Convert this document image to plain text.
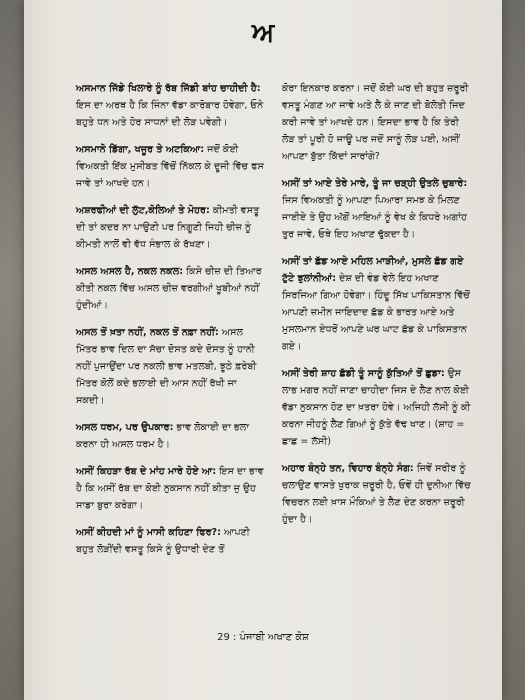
ਅ

ਅਸਮਾਨ ਜਿੱਡੇ ਖਿਲਾਰੇ ਨੂੰ ਰੱਬ ਜਿੱਡੀ ਬਾਂਹ ਚਾਹੀਦੀ ਹੈ: ਇਸ ਦਾ ਅਰਥ ਹੈ ਕਿ ਜਿੰਨਾ ਵੱਡਾ ਕਾਰੋਬਾਰ ਹੋਵੇਗਾ, ਓਨੇ ਬਹੁਤੇ ਧਨ ਅਤੇ ਹੋਰ ਸਾਧਨਾਂ ਦੀ ਲੋੜ ਪਵੇਗੀ।

ਅਸਮਾਨੋ ਡਿੱਗਾ, ਖਜੂਰ ਤੇ ਅਟਕਿਆ: ਜਦੋਂ ਕੋਈ ਵਿਅਕਤੀ ਇੱਕ ਮੁਸੀਬਤ ਵਿੱਚੋਂ ਨਿੱਕਲ ਕੇ ਦੂਜੀ ਵਿੱਚ ਫਸ ਜਾਵੇ ਤਾਂ ਆਖਦੇ ਹਨ।

ਅਸ਼ਰਫੀਆਂ ਦੀ ਲੁੱਟ,ਕੋਲਿਆਂ ਤੇ ਮੋਹਰ: ਕੀਮਤੀ ਵਸਤੂ ਦੀ ਤਾਂ ਕਦਰ ਨਾ ਪਾਉਣੀ ਪਰ ਨਿਗੂਣੀ ਜਿਹੀ ਚੀਜ਼ ਨੂੰ ਕੀਮਤੀ ਨਾਲੋਂ ਵੀ ਵੱਧ ਸੰਭਾਲ ਕੇ ਰੱਖਣਾ।

ਅਸਲ ਅਸਲ ਹੈ, ਨਕਲ ਨਕਲ: ਕਿਸੇ ਚੀਜ਼ ਦੀ ਤਿਆਰ ਕੀਤੀ ਨਕਲ ਵਿੱਚ ਅਸਲ ਚੀਜ਼ ਵਰਗੀਆਂ ਖੂਬੀਆਂ ਨਹੀਂ ਹੁੰਦੀਆਂ।

ਅਸਲ ਤੋਂ ਖ਼ਤਾ ਨਹੀਂ, ਨਕਲ ਤੋਂ ਨਫ਼ਾ ਨਹੀਂ: ਅਸਲ ਮਿੱਤਰ ਭਾਵ ਦਿਲ ਦਾ ਸੱਚਾ ਦੋਸਤ ਕਦੇ ਦੋਸਤ ਨੂੰ ਹਾਨੀ ਨਹੀਂ ਪੁਜਾਉਂਦਾ ਪਰ ਨਕਲੀ ਭਾਵ ਮਤਲਬੀ, ਝੂਠੇ ਫ਼ਰੇਬੀ ਮਿੱਤਰ ਕੋਲੋਂ ਕਦੇ ਭਲਾਈ ਦੀ ਆਸ ਨਹੀਂ ਰੱਖੀ ਜਾ ਸਕਦੀ।

ਅਸਲ ਧਰਮ, ਪਰ ਉਪਕਾਰ: ਭਾਵ ਲੋਕਾਈ ਦਾ ਭਲਾ ਕਰਨਾ ਹੀ ਅਸਲ ਧਰਮ ਹੈ।

ਅਸੀਂ ਕਿਹੜਾ ਰੱਬ ਦੇ ਮਾਂਹ ਮਾਰੇ ਹੋਏ ਆ: ਇਸ ਦਾ ਭਾਵ ਹੈ ਕਿ ਅਸੀਂ ਰੱਬ ਦਾ ਕੋਈ ਨੁਕਸਾਨ ਨਹੀਂ ਕੀਤਾ ਜੁ ਉਹ ਸਾਡਾ ਬੁਰਾ ਕਰੇਗਾ।

ਅਸੀਂ ਕੀਹਦੀ ਮਾਂ ਨੂੰ ਮਾਸੀ ਕਹਿਣਾ ਫਿਰ?: ਆਪਣੀ ਬਹੁਤ ਲੋੜੀਂਦੀ ਵਸਤੂ ਕਿਸੇ ਨੂੰ ਉਧਾਰੀ ਦੇਣ ਤੋਂ

ਕੋਰਾ ਇਨਕਾਰ ਕਰਨਾ। ਜਦੋਂ ਕੋਈ ਘਰ ਦੀ ਬਹੁਤ ਜ਼ਰੂਰੀ ਵਸਤੂ ਮੰਗਣ ਆ ਜਾਵੇ ਅਤੇ ਲੈ ਕੇ ਜਾਣ ਦੀ ਬੋਲੋਤੀ ਜਿਦ ਕਰੀ ਜਾਵੇ ਤਾਂ ਆਖਦੇ ਹਨ। ਇਸਦਾ ਭਾਵ ਹੈ ਕਿ ਤੇਰੀ ਲੋੜ ਤਾਂ ਪੂਰੀ ਹੋ ਜਾਊ ਪਰ ਜਦੋਂ ਸਾਨੂੰ ਲੋੜ ਪਈ, ਅਸੀਂ ਆਪਣਾ ਬੁੱਤਾ ਕਿੱਦਾਂ ਸਾਰਾਂਗੇ?

ਅਸੀਂ ਤਾਂ ਆਏ ਤੇਰੇ ਮਾਰੇ, ਤੂੰ ਜਾ ਚੜ੍ਹੀ ਉਤਲੇ ਚੁਬਾਰੇ: ਜਿਸ ਵਿਅਕਤੀ ਨੂੰ ਆਪਣਾ ਪਿਆਰਾ ਸਮਝ ਕੇ ਮਿਲਣ ਜਾਈਏ ਤੇ ਉਹ ਅੱਗੋਂ ਆਇਆਂ ਨੂੰ ਵੇਖ ਕੇ ਕਿਧਰੇ ਅਗਾਂਹ ਤੁਰ ਜਾਵੇ, ਓਥੇ ਇਹ ਅਖਾਣ ਢੁੱਕਦਾ ਹੈ।

ਅਸੀਂ ਤਾਂ ਛੱਡ ਆਏ ਮਹਿਲ ਮਾੜੀਆਂ, ਮੁਸਲੇ ਛੱਡ ਗਏ ਟੁੱਟੇ ਝੁਲਾਂਨੀਆਂ: ਦੇਸ਼ ਦੀ ਵੰਡ ਵੇਲੇ ਇਹ ਅਖਾਣ ਸਿਰਜਿਆ ਗਿਆ ਹੋਵੇਗਾ। ਹਿੰਦੂ ਸਿੱਖ ਪਾਕਿਸਤਾਨ ਵਿੱਚੋਂ ਆਪਣੀ ਜ਼ਮੀਨ ਜਾਇਦਾਦ ਛੱਡ ਕੇ ਭਾਰਤ ਆਏ ਅਤੇ ਮੁਸਲਮਾਨ ਏਧਰੋਂ ਆਪਣੇ ਘਰ ਘਾਟ ਛੱਡ ਕੇ ਪਾਕਿਸਤਾਨ ਗਏ।

ਅਸੀਂ ਤੇਰੀ ਸ਼ਾਹ ਛੱਡੀ ਤੂੰ ਸਾਨੂੰ ਕੁੱਤਿਆਂ ਤੋਂ ਛੁਡਾ: ਉਸ ਲਾਭ ਮਗਰ ਨਹੀਂ ਜਾਣਾ ਚਾਹੀਦਾ ਜਿਸ ਦੇ ਲੈਣ ਨਾਲ ਕੋਈ ਵੱਡਾ ਨੁਕਸਾਨ ਹੋਣ ਦਾ ਖ਼ਤਰਾ ਹੋਵੇ। ਅਜਿਹੀ ਲੱਸੀ ਨੂੰ ਕੀ ਕਰਨਾ ਜੀਹਨੂੰ ਲੈਣ ਗਿਆਂ ਨੂੰ ਕੁੱਤੇ ਵੱਢ ਖਾਣ। (ਸ਼ਾਹ = ਛਾਛ = ਲੱਸੀ)

ਅਹਾਰ ਬੰਨ੍ਹੇ ਤਨ, ਵਿਹਾਰ ਬੰਨ੍ਹੇ ਸੰਗ: ਜਿਵੇਂ ਸਰੀਰ ਨੂੰ ਚਲਾਉਣ ਵਾਸਤੇ ਖੁਰਾਕ ਜ਼ਰੂਰੀ ਹੈ, ਓਵੇਂ ਹੀ ਦੁਨੀਆ ਵਿੱਚ ਵਿਚਰਨ ਲਈ ਖ਼ਾਸ ਮੌਕਿਆਂ ਤੇ ਲੈਣ ਦੇਣ ਕਰਨਾ ਜ਼ਰੂਰੀ ਹੁੰਦਾ ਹੈ।

29 : ਪੰਜਾਬੀ ਅਖਾਣ ਕੋਸ਼
